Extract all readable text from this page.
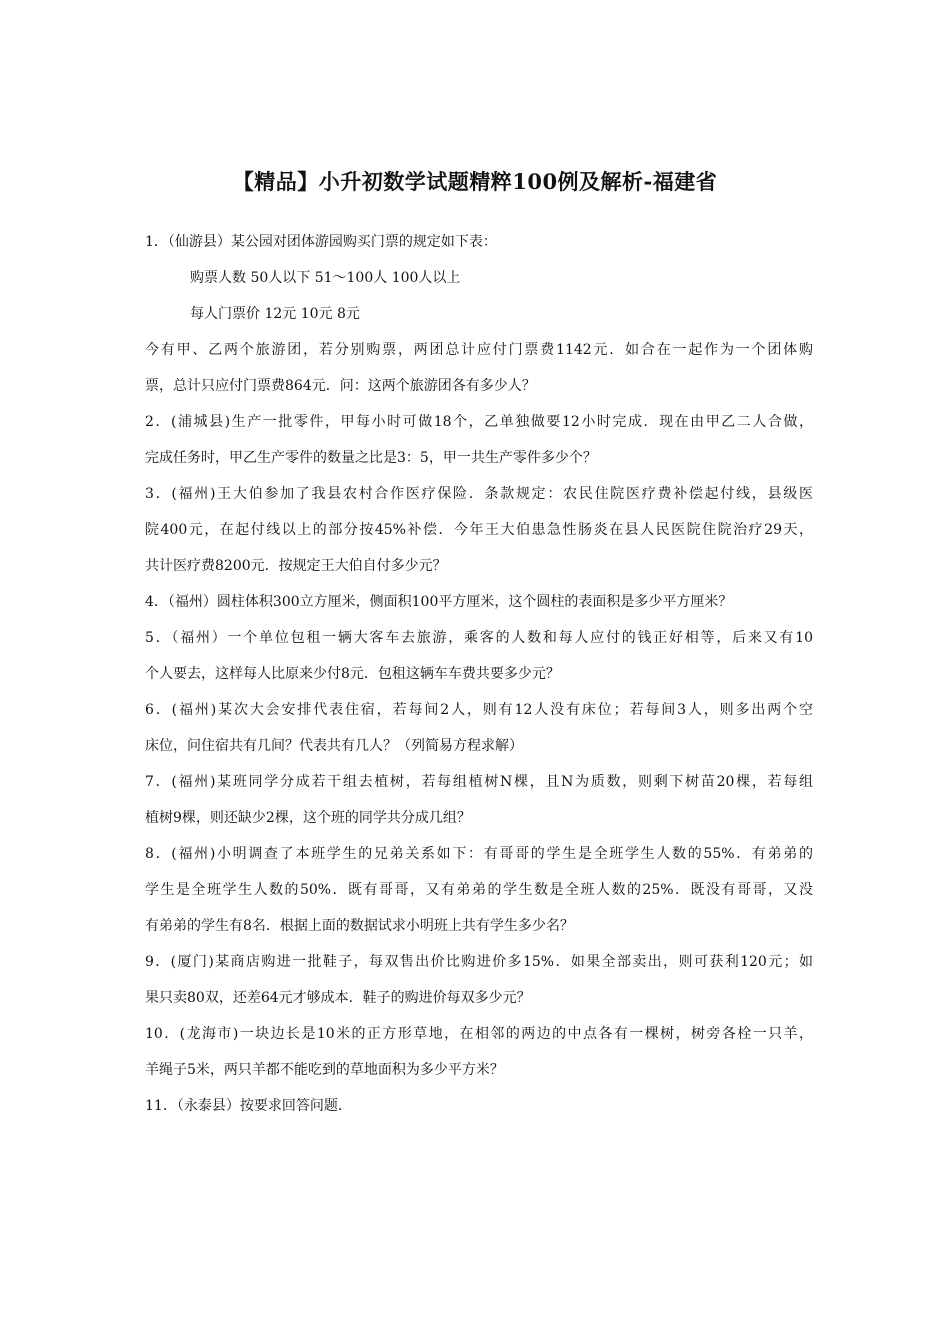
【精品】小升初数学试题精粹100例及解析-福建省
1．（仙游县）某公园对团体游园购买门票的规定如下表：
购票人数 50人以下 51～100人 100人以上
每人门票价 12元 10元 8元
今有甲、乙两个旅游团，若分别购票，两团总计应付门票费1142元．如合在一起作为一个团体购
票，总计只应付门票费864元．问：这两个旅游团各有多少人？
2．(浦城县)生产一批零件，甲每小时可做18个，乙单独做要12小时完成．现在由甲乙二人合做，
完成任务时，甲乙生产零件的数量之比是3：5，甲一共生产零件多少个？
3．(福州)王大伯参加了我县农村合作医疗保险．条款规定：农民住院医疗费补偿起付线，县级医
院400元，在起付线以上的部分按45%补偿．今年王大伯患急性肠炎在县人民医院住院治疗29天，
共计医疗费8200元．按规定王大伯自付多少元？
4．（福州）圆柱体积300立方厘米，侧面积100平方厘米，这个圆柱的表面积是多少平方厘米？
5．（福州）一个单位包租一辆大客车去旅游，乘客的人数和每人应付的钱正好相等，后来又有10
个人要去，这样每人比原来少付8元．包租这辆车车费共要多少元？
6．(福州)某次大会安排代表住宿，若每间2人，则有12人没有床位；若每间3人，则多出两个空
床位，问住宿共有几间？代表共有几人？（列简易方程求解）
7．(福州)某班同学分成若干组去植树，若每组植树N棵，且N为质数，则剩下树苗20棵，若每组
植树9棵，则还缺少2棵，这个班的同学共分成几组？
8．(福州)小明调查了本班学生的兄弟关系如下：有哥哥的学生是全班学生人数的55%．有弟弟的
学生是全班学生人数的50%．既有哥哥，又有弟弟的学生数是全班人数的25%．既没有哥哥，又没
有弟弟的学生有8名．根据上面的数据试求小明班上共有学生多少名？
9．(厦门)某商店购进一批鞋子，每双售出价比购进价多15%．如果全部卖出，则可获利120元；如
果只卖80双，还差64元才够成本．鞋子的购进价每双多少元？
10．(龙海市)一块边长是10米的正方形草地，在相邻的两边的中点各有一棵树，树旁各栓一只羊，
羊绳子5米，两只羊都不能吃到的草地面积为多少平方米？
11．（永泰县）按要求回答问题．
